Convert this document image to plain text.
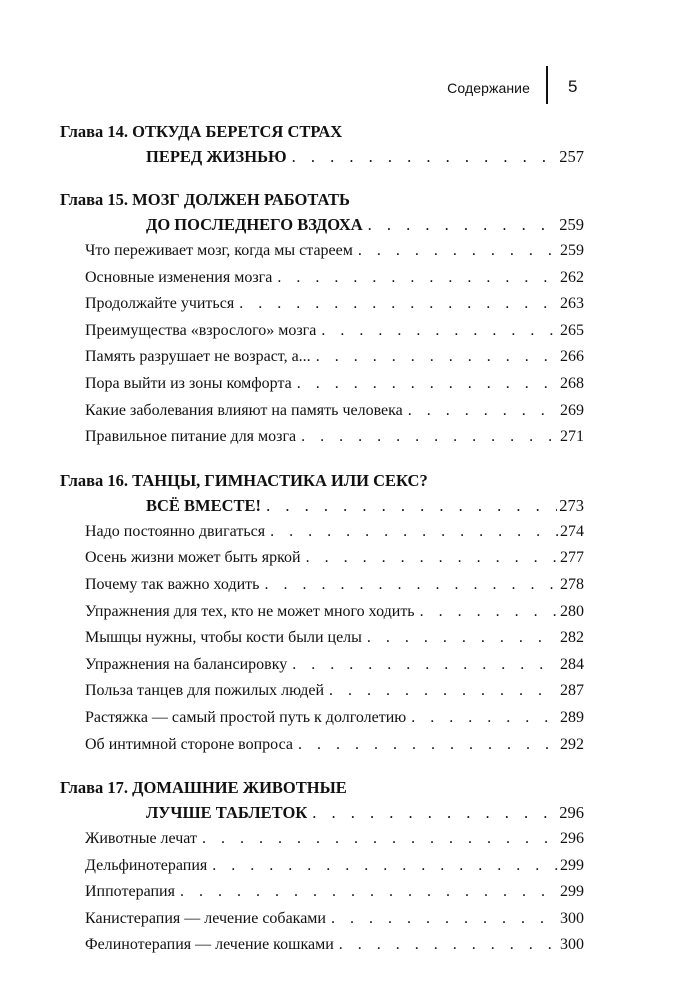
Содержание 5
Глава 14. ОТКУДА БЕРЕТСЯ СТРАХ
ПЕРЕД ЖИЗНЬЮ . . .	257
Глава 15. МОЗГ ДОЛЖЕН РАБОТАТЬ
ДО ПОСЛЕДНЕГО ВЗДОХА . . .	259
Что переживает мозг, когда мы стареем . . .	259
Основные изменения мозга . . .	262
Продолжайте учиться . . .	263
Преимущества «взрослого» мозга . . .	265
Память разрушает не возраст, а... . . .	266
Пора выйти из зоны комфорта . . .	268
Какие заболевания влияют на память человека . . .	269
Правильное питание для мозга . . .	271
Глава 16. ТАНЦЫ, ГИМНАСТИКА ИЛИ СЕКС?
ВСЁ ВМЕСТЕ! . . .	273
Надо постоянно двигаться . . .	274
Осень жизни может быть яркой . . .	277
Почему так важно ходить . . .	278
Упражнения для тех, кто не может много ходить . . .	280
Мышцы нужны, чтобы кости были целы . . .	282
Упражнения на балансировку . . .	284
Польза танцев для пожилых людей . . .	287
Растяжка — самый простой путь к долголетию . . .	289
Об интимной стороне вопроса . . .	292
Глава 17. ДОМАШНИЕ ЖИВОТНЫЕ
ЛУЧШЕ ТАБЛЕТОК . . .	296
Животные лечат . . .	296
Дельфинотерапия . . .	299
Иппотерапия . . .	299
Канистерапия — лечение собаками . . .	300
Фелинотерапия — лечение кошками . . .	300
